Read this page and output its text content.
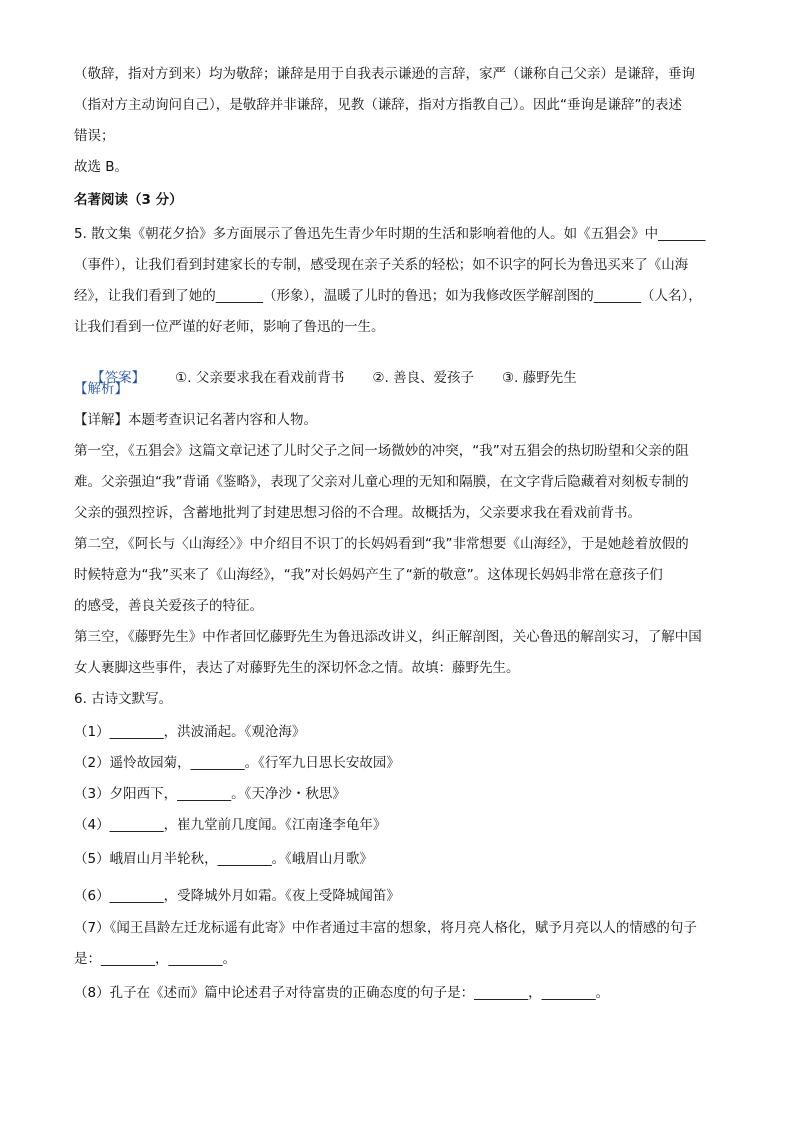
（敬辞，指对方到来）均为敬辞；谦辞是用于自我表示谦逊的言辞，家严（谦称自己父亲）是谦辞，垂询
（指对方主动询问自己），是敬辞并非谦辞，见教（谦辞，指对方指教自己）。因此“垂询是谦辞”的表述
错误；
故选 B。
名著阅读（3 分）
5. 散文集《朝花夕拾》多方面展示了鲁迅先生青少年时期的生活和影响着他的人。如《五猖会》中_______
（事件），让我们看到封建家长的专制，感受现在亲子关系的轻松；如不识字的阿长为鲁迅买来了《山海
经》，让我们看到了她的_______（形象），温暖了儿时的鲁迅；如为我修改医学解剖图的_______（人名），
让我们看到一位严谨的好老师，影响了鲁迅的一生。

【答案】 ①. 父亲要求我在看戏前背书 ②. 善良、爱孩子 ③. 藤野先生

【解析】
【详解】本题考查识记名著内容和人物。
第一空，《五猖会》这篇文章记述了儿时父子之间一场微妙的冲突，“我”对五猖会的热切盼望和父亲的阻
难。父亲强迫“我”背诵《鉴略》，表现了父亲对儿童心理的无知和隔膜，在文字背后隐藏着对刻板专制的
父亲的强烈控诉，含蓄地批判了封建思想习俗的不合理。故概括为，父亲要求我在看戏前背书。
第二空，《阿长与〈山海经〉》中介绍目不识丁的长妈妈看到“我”非常想要《山海经》，于是她趁着放假的
时候特意为“我”买来了《山海经》，“我”对长妈妈产生了“新的敬意”。这体现长妈妈非常在意孩子们
的感受，善良关爱孩子的特征。
第三空，《藤野先生》中作者回忆藤野先生为鲁迅添改讲义，纠正解剖图，关心鲁迅的解剖实习，了解中国
女人裹脚这些事件，表达了对藤野先生的深切怀念之情。故填：藤野先生。
6. 古诗文默写。
（1）________，洪波涌起。《观沧海》
（2）遥怜故园菊，________。《行军九日思长安故园》
（3）夕阳西下，________。《天净沙・秋思》
（4）________，崔九堂前几度闻。《江南逢李龟年》
（5）峨眉山月半轮秋，________。《峨眉山月歌》
（6）________，受降城外月如霜。《夜上受降城闻笛》
（7）《闻王昌龄左迁龙标遥有此寄》中作者通过丰富的想象，将月亮人格化，赋予月亮以人的情感的句子
是：________，________。
（8）孔子在《述而》篇中论述君子对待富贵的正确态度的句子是：________，________。
